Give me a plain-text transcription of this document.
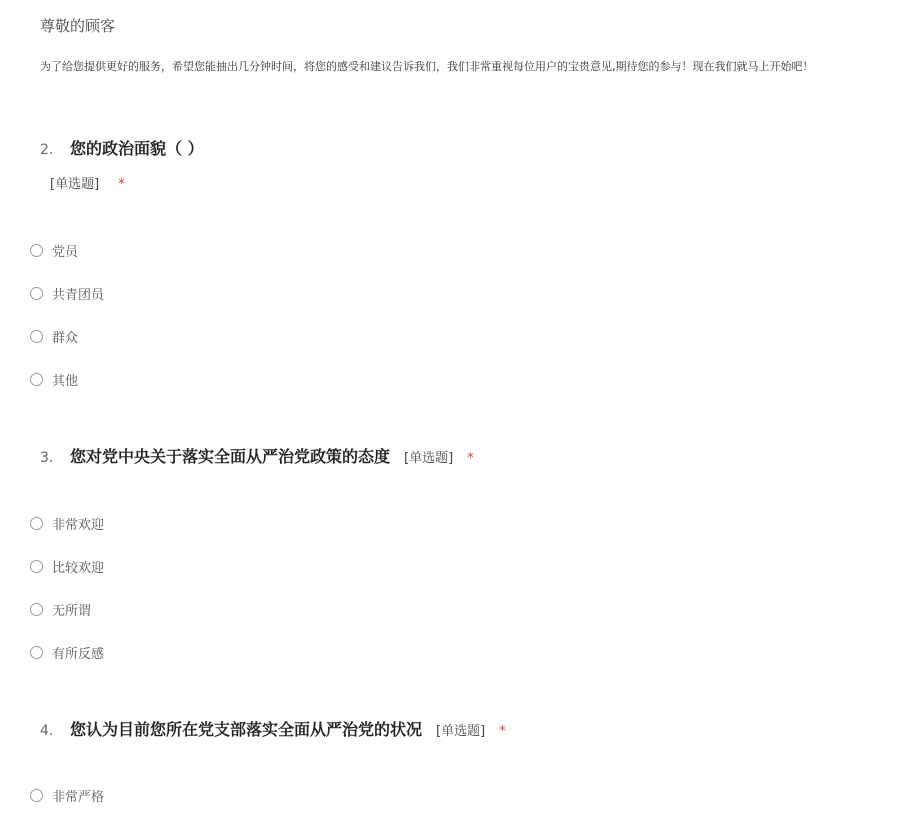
尊敬的顾客
为了给您提供更好的服务，希望您能抽出几分钟时间，将您的感受和建议告诉我们，我们非常重视每位用户的宝贵意见,期待您的参与！现在我们就马上开始吧！
2.	您的政治面貌（ ）
[单选题] *
党员
共青团员
群众
其他
3.	您对党中央关于落实全面从严治党政策的态度 [单选题] *
非常欢迎
比较欢迎
无所谓
有所反感
4.	您认为目前您所在党支部落实全面从严治党的状况 [单选题] *
非常严格
